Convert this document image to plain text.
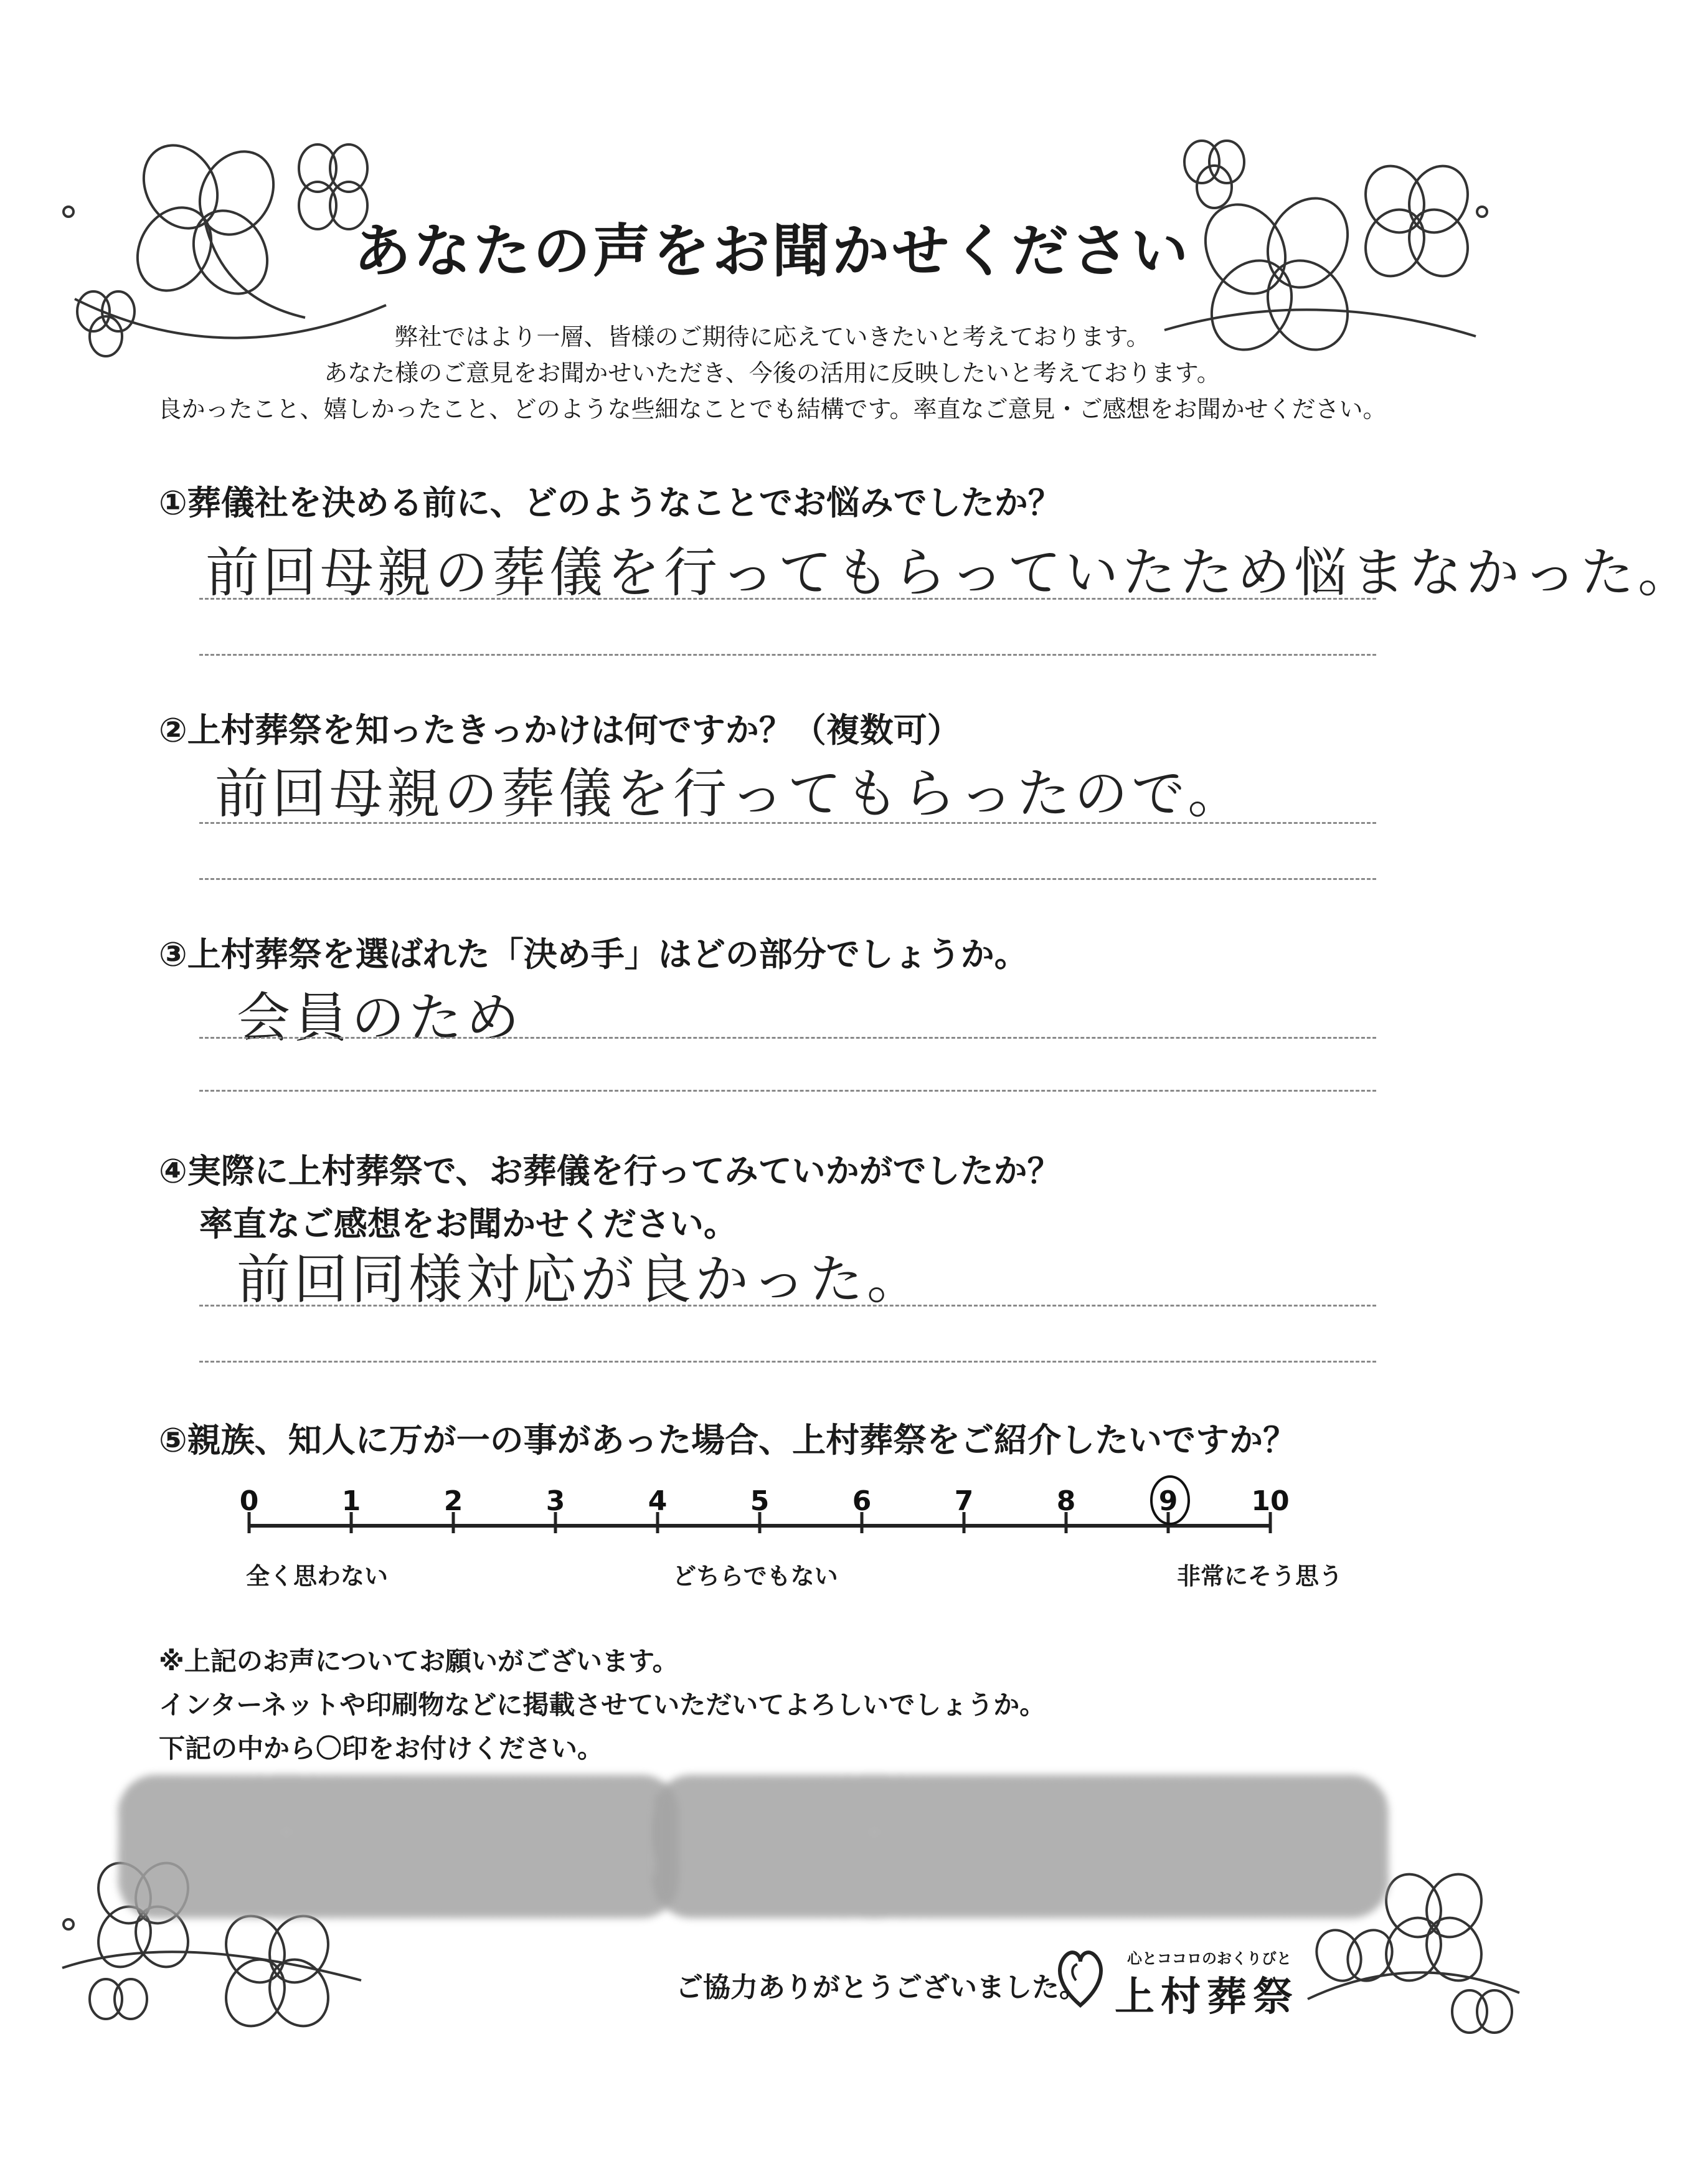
あなたの声をお聞かせください
弊社ではより一層、皆様のご期待に応えていきたいと考えております。
あなた様のご意見をお聞かせいただき、今後の活用に反映したいと考えております。
良かったこと、嬉しかったこと、どのような些細なことでも結構です。率直なご意見・ご感想をお聞かせください。
①葬儀社を決める前に、どのようなことでお悩みでしたか？
前回母親の葬儀を行ってもらっていたため悩まなかった。
②上村葬祭を知ったきっかけは何ですか？（複数可）
前回母親の葬儀を行ってもらったので。
③上村葬祭を選ばれた「決め手」はどの部分でしょうか。
会員のため
④実際に上村葬祭で、お葬儀を行ってみていかがでしたか？
率直なご感想をお聞かせください。
前回同様対応が良かった。
⑤親族、知人に万が一の事があった場合、上村葬祭をご紹介したいですか？
0	1	2	3	4	5	6	7	8	9	10
全く思わない	どちらでもない	非常にそう思う
※上記のお声についてお願いがございます。
インターネットや印刷物などに掲載させていただいてよろしいでしょうか。
下記の中から〇印をお付けください。
ご協力ありがとうございました。
心とココロのおくりびと
上村葬祭
